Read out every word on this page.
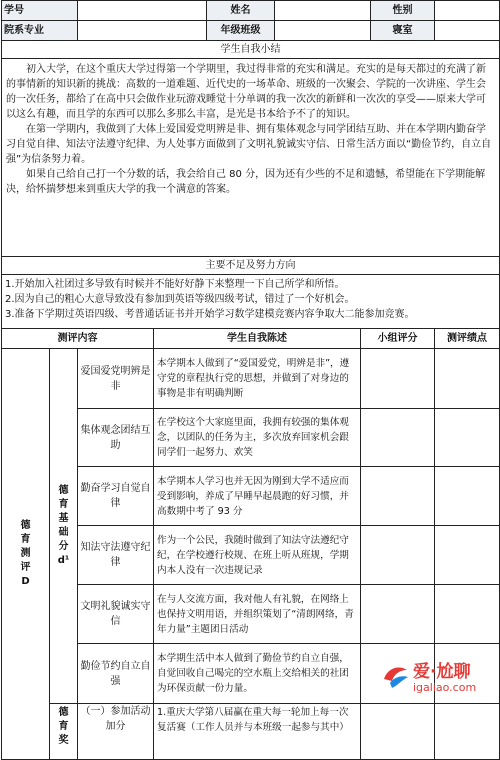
学号				姓名			性别	
院系专业				年级班级			寝室	
学生自我小结								

初入大学，在这个重庆大学过得第一个学期里，我过得非常的充实和满足。充实的是每天都过的充满了新的事情新的知识新的挑战：高数的一道难题、近代史的一场革命、班级的一次聚会、学院的一次讲座、学生会的一次任务，都给了在高中只会做作业玩游戏睡觉十分单调的我一次次的新鲜和一次次的享受——原来大学可以这么有趣，而且学的东西可以那么多那么丰富，是光是书本给予不了的知识。

在第一学期内，我做到了大体上爱国爱党明辨是非、拥有集体观念与同学团结互助、并在本学期内勤奋学习自觉自律、知法守法遵守纪律、为人处事方面做到了文明礼貌诚实守信、日常生活方面以“勤俭节约，自立自强”为信条努力着。

如果自己给自己打一个分数的话，我会给自己 80 分，因为还有少些的不足和遗憾，希望能在下学期能解决，给怀揣梦想来到重庆大学的我一个满意的答案。								

主要不足及努力方向								

1.开始加入社团过多导致有时候并不能好好静下来整理一下自己所学和所悟。

2.因为自己的粗心大意导致没有参加到英语等级四级考试，错过了一个好机会。

3.准备下学期过英语四级、考普通话证书并开始学习数学建模竞赛内容争取大二能参加竞赛。								

测评内容			学生自我陈述			小组评分		测评绩点

德育测评D	德育基础分d¹	爱国爱党明辨是非	本学期本人做到了“爱国爱党，明辨是非”，遵守党的章程执行党的思想，并做到了对身边的事物是非有明确判断					
		集体观念团结互助	在学校这个大家庭里面，我拥有较强的集体观念，以团队的任务为主，多次放弃回家机会跟同学们一起努力、欢笑					
		勤奋学习自觉自律	本学期本人学习也并无因为刚到大学不适应而受到影响，养成了早睡早起晨跑的好习惯，并高数期中考了 93 分					
		知法守法遵守纪律	作为一个公民，我随时做到了知法守法遵纪守纪，在学校遵行校规、在班上听从班规，学期内本人没有一次违规记录					
		文明礼貌诚实守信	在与人交流方面，我对他人有礼貌，在网络上也保持文明用语，并组织策划了“清朗网络，青年力量”主题团日活动					
		勤俭节约自立自强	本学期生活中本人做到了勤俭节约自立自强，自觉回收自己喝完的空水瓶上交给相关的社团为环保贡献一份力量。					

	德育奖	（一）参加活动加分	1.重庆大学第八届赢在重大每一轮加上每一次复活赛（工作人员并与本班级一起参与其中）					
爱·尬聊
igaliao.com
